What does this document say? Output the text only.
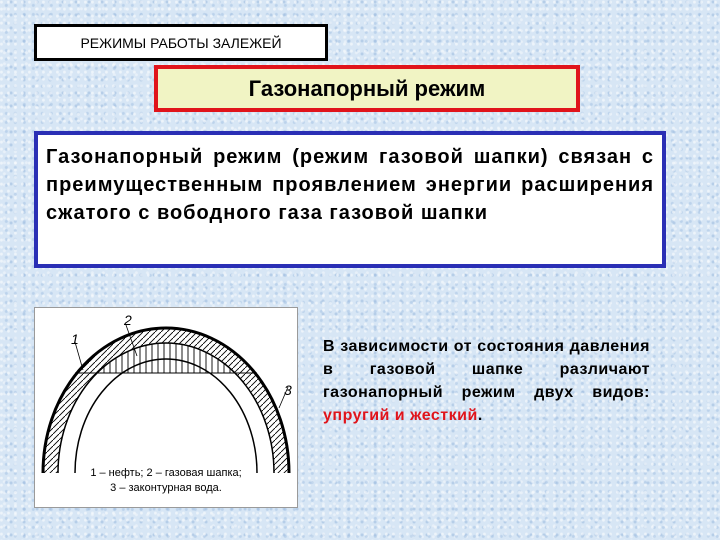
РЕЖИМЫ РАБОТЫ ЗАЛЕЖЕЙ
Газонапорный режим
Газонапорный режим (режим газовой шапки) связан с преимущественным проявлением энергии расширения сжатого с вободного газа газовой шапки
1
2
3
1 – нефть; 2 – газовая шапка;
3 – законтурная вода.
В зависимости от состояния давления в газовой шапке различают газонапорный режим двух видов: упругий и жесткий.
